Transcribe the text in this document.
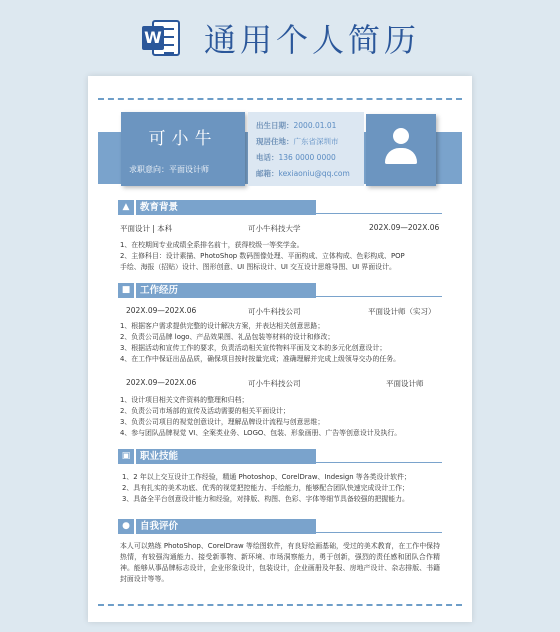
W 通用个人简历
可小牛
求职意向：平面设计师
出生日期：2000.01.01
现居住地：广东省深圳市
电话：136 0000 0000
邮箱：kexiaoniu@qq.com
▲	教育背景
平面设计 | 本科	可小牛科技大学	202X.09—202X.06

1、在校期间专业成绩全系排名前十，获得校级一等奖学金。

2、主修科目：设计素描、PhotoShop 数码图像处理、平面构成、立体构成、色彩构成、POP

手绘、海报（招贴）设计、图形创意、UI 图标设计、UI 交互设计思维导图、UI 界面设计。

■	工作经历
202X.09—202X.06	可小牛科技公司	平面设计师（实习）

1、根据客户需求提供完整的设计解决方案，并表达相关创意思路；

2、负责公司品牌 logo、产品效果图、礼品包装等材料的设计和修改；

3、根据活动和宣传工作的要求，负责活动相关宣传物料平面及文本的多元化创意设计；

4、在工作中保证出品品质，确保项目按时按量完成；准确理解并完成上级领导交办的任务。

202X.09—202X.06	可小牛科技公司	平面设计师

1、设计项目相关文件资料的整理和归档；

2、负责公司市场部的宣传及活动需要的相关平面设计；

3、负责公司项目的视觉创意设计，理解品牌设计流程与创意思维；

4、参与团队品牌视觉 VI、全案类业务、LOGO、包装、形象画册、广告等创意设计及执行。

▣	职业技能

1、2 年以上交互设计工作经验，精通 Photoshop、CorelDraw、Indesign 等各类设计软件；

2、具有扎实的美术功底、优秀的视觉把控能力、手绘能力，能够配合团队快速完成设计工作；

3、具备全平台创意设计能力和经验，对排版、构图、色彩、字体等细节具备较强的把握能力。

●	自我评价

本人可以熟练 PhotoShop、CorelDraw 等绘图软件，有良好绘画基础，受过的美术教育，在工作中保持热情，有较强沟通能力、接受新事物、新环境、市场洞察能力，勇于创新，强烈的责任感和团队合作精神。能够从事品牌标志设计，企业形象设计，包装设计，企业画册及年报、房地产设计、杂志排版、书籍封面设计等等。
